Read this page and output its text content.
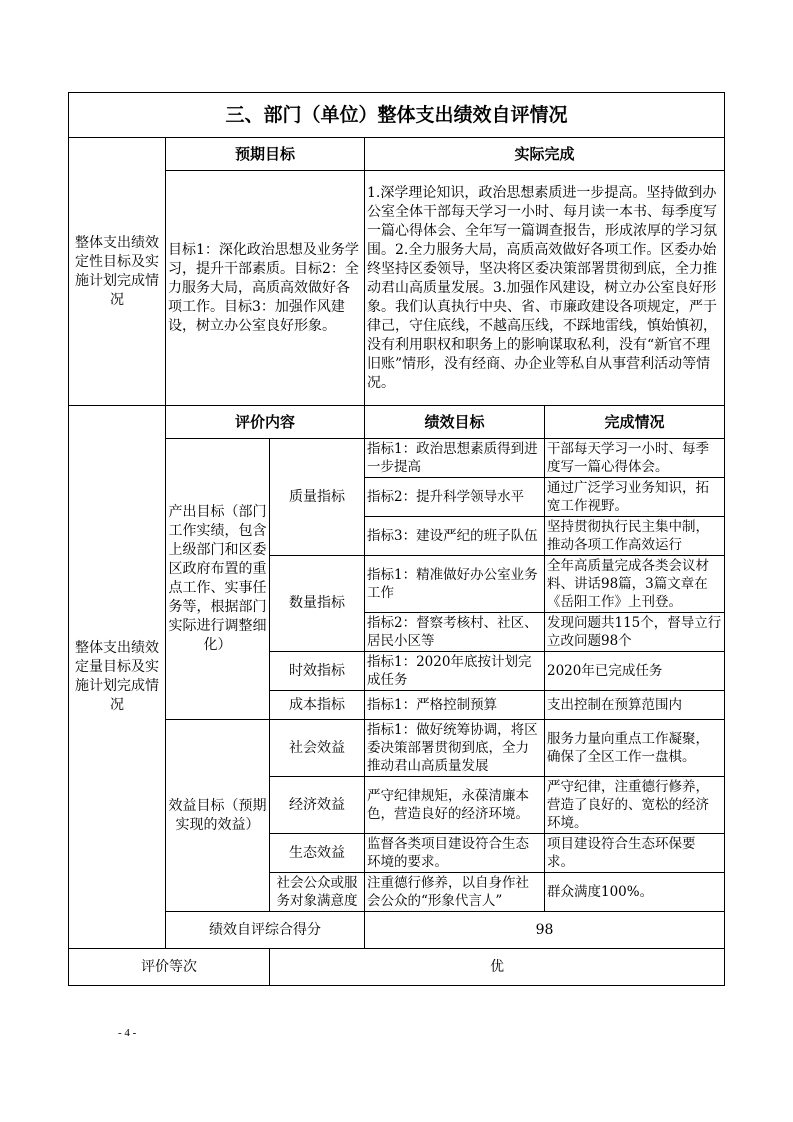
三、部门（单位）整体支出绩效自评情况				
整体支出绩效定性目标及实施计划完成情况	预期目标		实际完成	
	目标1：深化政治思想及业务学习，提升干部素质。目标2：全力服务大局，高质高效做好各项工作。目标3：加强作风建设，树立办公室良好形象。		1.深学理论知识，政治思想素质进一步提高。坚持做到办公室全体干部每天学习一小时、每月读一本书、每季度写一篇心得体会、全年写一篇调查报告，形成浓厚的学习氛围。2.全力服务大局，高质高效做好各项工作。区委办始终坚持区委领导，坚决将区委决策部署贯彻到底，全力推动君山高质量发展。3.加强作风建设，树立办公室良好形象。我们认真执行中央、省、市廉政建设各项规定，严于律己，守住底线，不越高压线，不踩地雷线，慎始慎初，没有利用职权和职务上的影响谋取私利，没有“新官不理旧账”情形，没有经商、办企业等私自从事营利活动等情况。	
整体支出绩效定量目标及实施计划完成情况	评价内容		绩效目标	完成情况
	产出目标（部门工作实绩，包含上级部门和区委区政府布置的重点工作、实事任务等，根据部门实际进行调整细化）	质量指标	指标1：政治思想素质得到进一步提高	干部每天学习一小时、每季度写一篇心得体会。
			指标2：提升科学领导水平	通过广泛学习业务知识，拓宽工作视野。
			指标3：建设严纪的班子队伍	坚持贯彻执行民主集中制，推动各项工作高效运行
		数量指标	指标1：精准做好办公室业务工作	全年高质量完成各类会议材料、讲话98篇，3篇文章在《岳阳工作》上刊登。
			指标2：督察考核村、社区、居民小区等	发现问题共115个，督导立行立改问题98个
		时效指标	指标1：2020年底按计划完成任务	2020年已完成任务
		成本指标	指标1：严格控制预算	支出控制在预算范围内
	效益目标（预期实现的效益）	社会效益	指标1：做好统筹协调，将区委决策部署贯彻到底，全力推动君山高质量发展	服务力量向重点工作凝聚，确保了全区工作一盘棋。
		经济效益	严守纪律规矩，永葆清廉本色，营造良好的经济环境。	严守纪律，注重德行修养，营造了良好的、宽松的经济环境。
		生态效益	监督各类项目建设符合生态环境的要求。	项目建设符合生态环保要求。
		社会公众或服务对象满意度	注重德行修养，以自身作社会公众的“形象代言人”	群众满度100%。
	绩效自评综合得分		98	
评价等次		优		
- 4 -
